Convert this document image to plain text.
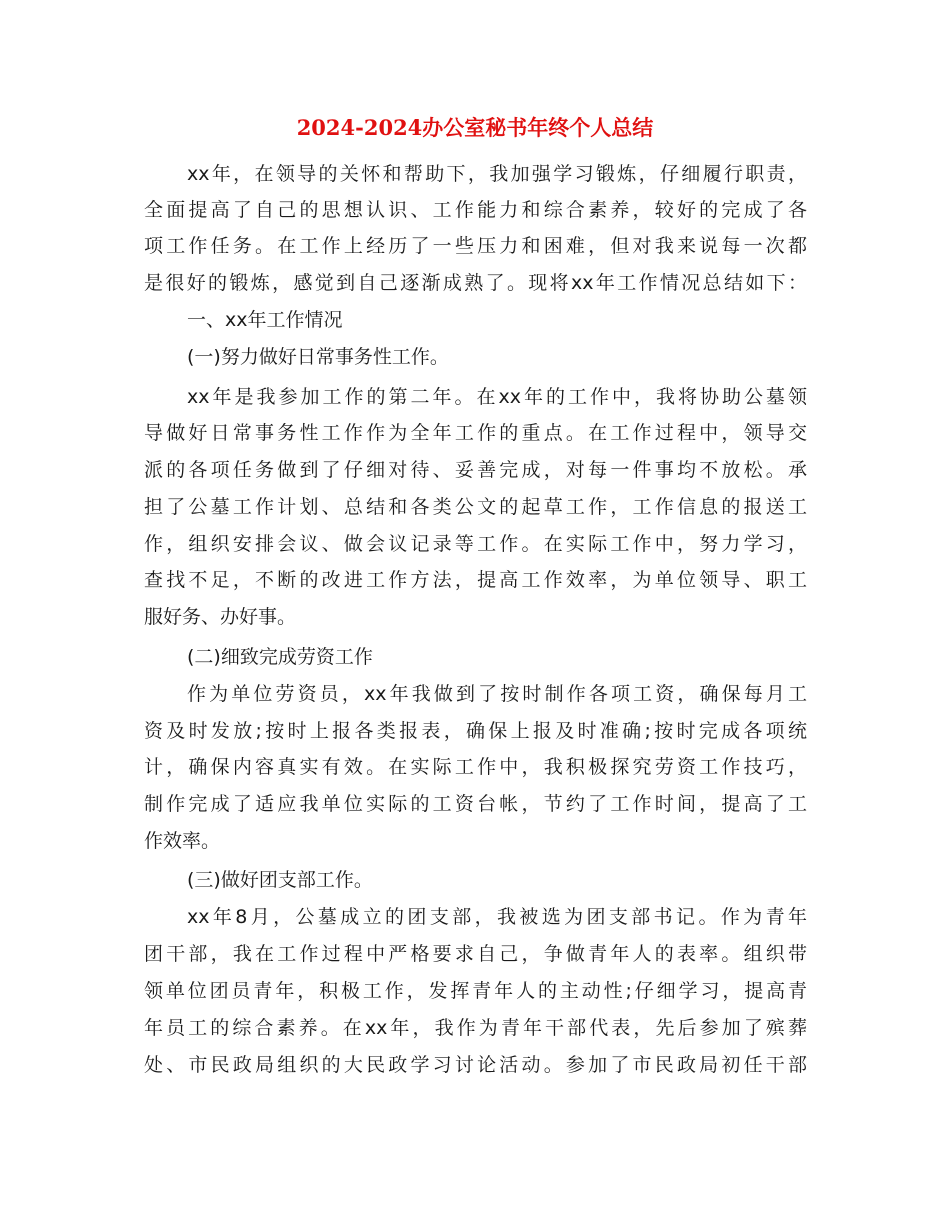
2024-2024办公室秘书年终个人总结
xx年，在领导的关怀和帮助下，我加强学习锻炼，仔细履行职责，
全面提高了自己的思想认识、工作能力和综合素养，较好的完成了各
项工作任务。在工作上经历了一些压力和困难，但对我来说每一次都
是很好的锻炼，感觉到自己逐渐成熟了。现将xx年工作情况总结如下：
一、xx年工作情况
(一)努力做好日常事务性工作。
xx年是我参加工作的第二年。在xx年的工作中，我将协助公墓领
导做好日常事务性工作作为全年工作的重点。在工作过程中，领导交
派的各项任务做到了仔细对待、妥善完成，对每一件事均不放松。承
担了公墓工作计划、总结和各类公文的起草工作，工作信息的报送工
作，组织安排会议、做会议记录等工作。在实际工作中，努力学习，
查找不足，不断的改进工作方法，提高工作效率，为单位领导、职工
服好务、办好事。
(二)细致完成劳资工作
作为单位劳资员，xx年我做到了按时制作各项工资，确保每月工
资及时发放;按时上报各类报表，确保上报及时准确;按时完成各项统
计，确保内容真实有效。在实际工作中，我积极探究劳资工作技巧，
制作完成了适应我单位实际的工资台帐，节约了工作时间，提高了工
作效率。
(三)做好团支部工作。
xx年8月，公墓成立的团支部，我被选为团支部书记。作为青年
团干部，我在工作过程中严格要求自己，争做青年人的表率。组织带
领单位团员青年，积极工作，发挥青年人的主动性;仔细学习，提高青
年员工的综合素养。在xx年，我作为青年干部代表，先后参加了殡葬
处、市民政局组织的大民政学习讨论活动。参加了市民政局初任干部
